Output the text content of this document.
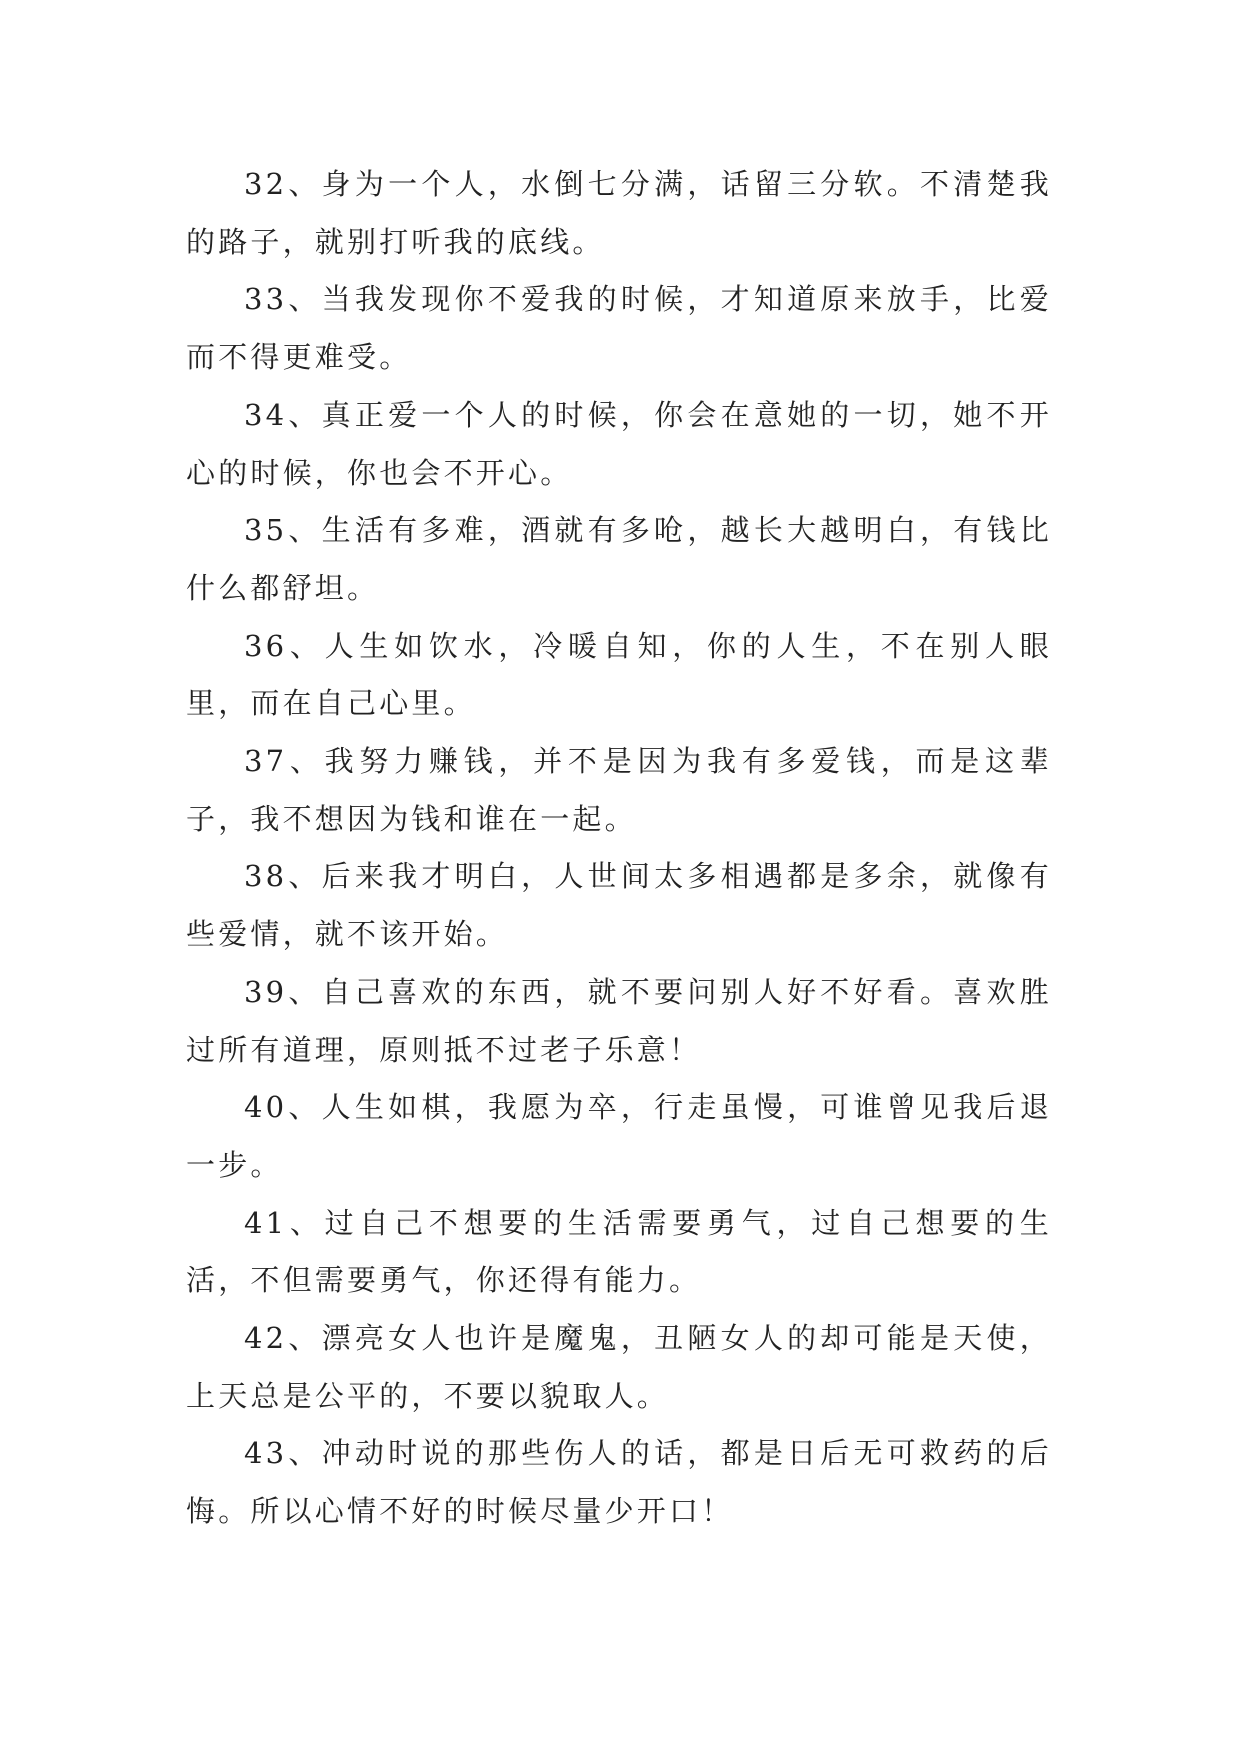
32、身为一个人，水倒七分满，话留三分软。不清楚我的路子，就别打听我的底线。

33、当我发现你不爱我的时候，才知道原来放手，比爱而不得更难受。

34、真正爱一个人的时候，你会在意她的一切，她不开心的时候，你也会不开心。

35、生活有多难，酒就有多呛，越长大越明白，有钱比什么都舒坦。

36、人生如饮水，冷暖自知，你的人生，不在别人眼里，而在自己心里。

37、我努力赚钱，并不是因为我有多爱钱，而是这辈子，我不想因为钱和谁在一起。

38、后来我才明白，人世间太多相遇都是多余，就像有些爱情，就不该开始。

39、自己喜欢的东西，就不要问别人好不好看。喜欢胜过所有道理，原则抵不过老子乐意！

40、人生如棋，我愿为卒，行走虽慢，可谁曾见我后退一步。

41、过自己不想要的生活需要勇气，过自己想要的生活，不但需要勇气，你还得有能力。

42、漂亮女人也许是魔鬼，丑陋女人的却可能是天使，上天总是公平的，不要以貌取人。

43、冲动时说的那些伤人的话，都是日后无可救药的后悔。所以心情不好的时候尽量少开口！
